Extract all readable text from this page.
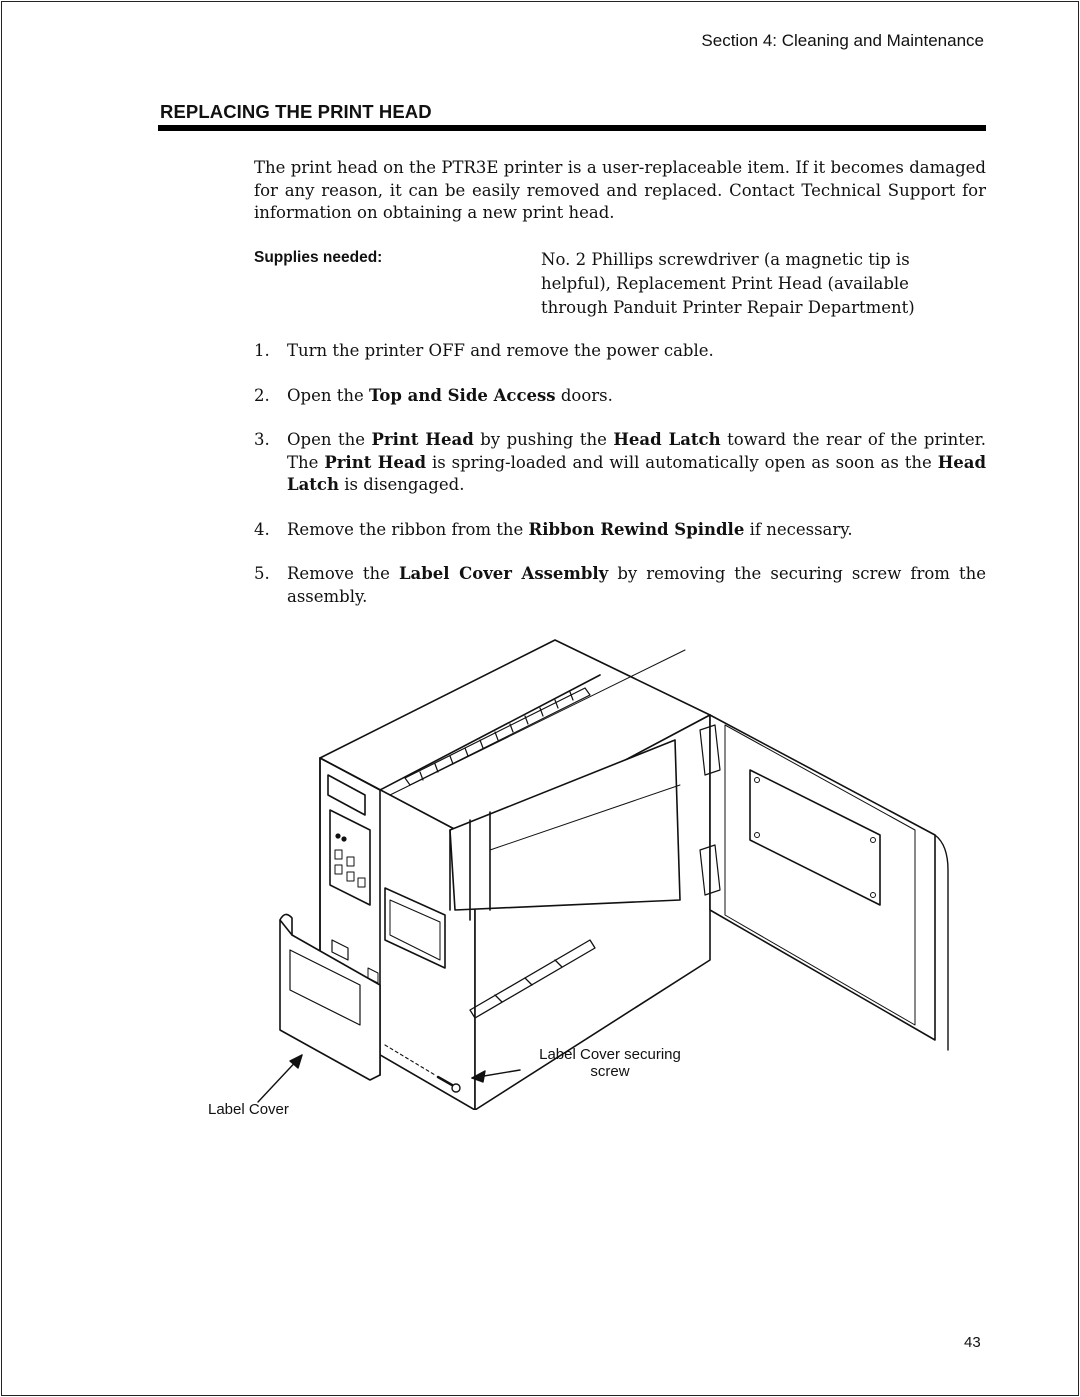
Section 4: Cleaning and Maintenance
REPLACING THE PRINT HEAD

The print head on the PTR3E printer is a user-replaceable item. If it becomes damaged for any reason, it can be easily removed and replaced. Contact Technical Support for information on obtaining a new print head.

Supplies needed:	No. 2 Phillips screwdriver (a magnetic tip is helpful), Replacement Print Head (available through Panduit Printer Repair Department)

1. Turn the printer OFF and remove the power cable.
2. Open the Top and Side Access doors.
3. Open the Print Head by pushing the Head Latch toward the rear of the printer. The Print Head is spring-loaded and will automatically open as soon as the Head Latch is disengaged.
4. Remove the ribbon from the Ribbon Rewind Spindle if necessary.
5. Remove the Label Cover Assembly by removing the securing screw from the assembly.
Label Cover securing
screw
Label Cover
43
